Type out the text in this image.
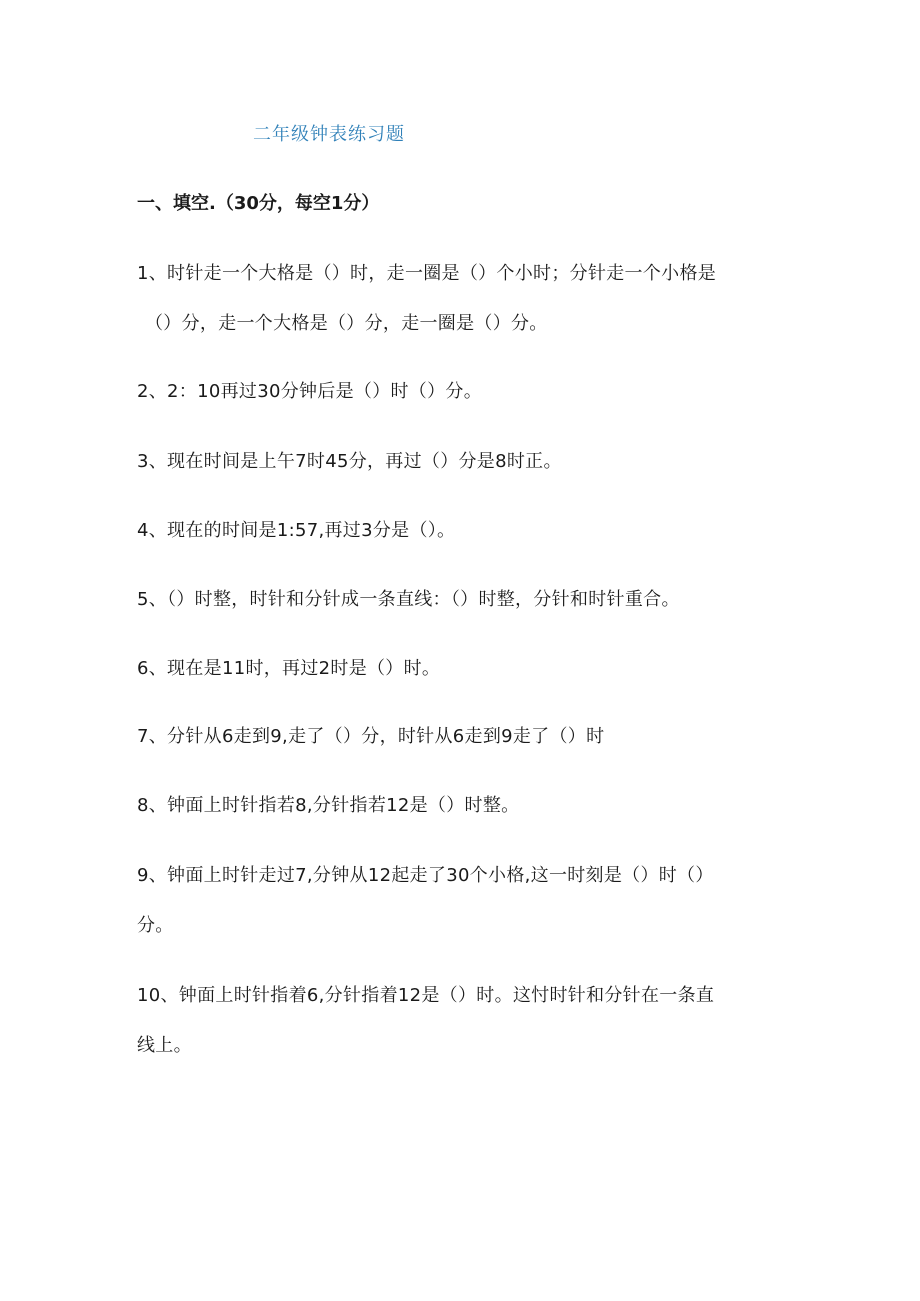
二年级钟表练习题
一、填空.（30分，每空1分）
1、时针走一个大格是（）时，走一圈是（）个小时；分针走一个小格是
（）分，走一个大格是（）分，走一圈是（）分。
2、2：10再过30分钟后是（）时（）分。
3、现在时间是上午7时45分，再过（）分是8时正。
4、现在的时间是1:57,再过3分是（）。
5、（）时整，时针和分针成一条直线：（）时整，分针和时针重合。
6、现在是11时，再过2时是（）时。
7、分针从6走到9,走了（）分，时针从6走到9走了（）时
8、钟面上时针指若8,分针指若12是（）时整。
9、钟面上时针走过7,分钟从12起走了30个小格,这一时刻是（）时（）
分。
10、钟面上时针指着6,分针指着12是（）时。这忖时针和分针在一条直
线上。
